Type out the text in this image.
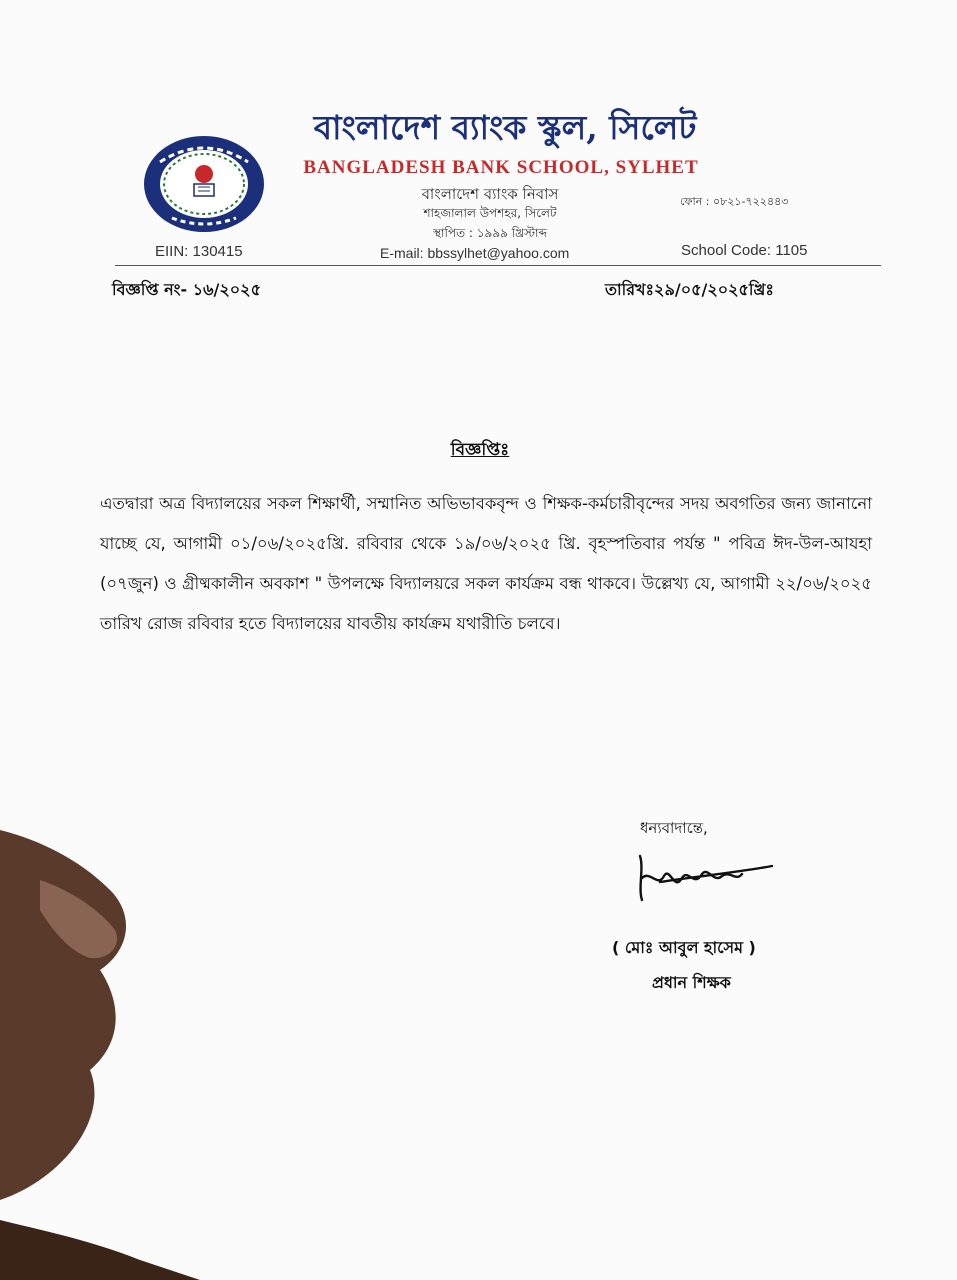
বাংলাদেশ ব্যাংক স্কুল, সিলেট
BANGLADESH BANK SCHOOL, SYLHET
বাংলাদেশ ব্যাংক নিবাস
শাহজালাল উপশহর, সিলেট
স্থাপিত : ১৯৯৯ খ্রিস্টাব্দ
E-mail: bbssylhet@yahoo.com
ফোন : ০৮২১-৭২২৪৪৩
EIIN: 130415	School Code: 1105
বিজ্ঞপ্তি নং- ১৬/২০২৫	তারিখঃ২৯/০৫/২০২৫খ্রিঃ
বিজ্ঞপ্তিঃ
এতদ্বারা অত্র বিদ্যালয়ের সকল শিক্ষার্থী, সম্মানিত অভিভাবকবৃন্দ ও শিক্ষক-কর্মচারীবৃন্দের সদয় অবগতির জন্য জানানো যাচ্ছে যে, আগামী ০১/০৬/২০২৫খ্রি. রবিবার থেকে ১৯/০৬/২০২৫ খ্রি. বৃহস্পতিবার পর্যন্ত " পবিত্র ঈদ-উল-আযহা (০৭জুন) ও গ্রীষ্মকালীন অবকাশ " উপলক্ষে বিদ্যালয়রে সকল কার্যক্রম বন্ধ থাকবে। উল্লেখ্য যে, আগামী ২২/০৬/২০২৫ তারিখ রোজ রবিবার হতে বিদ্যালয়ের যাবতীয় কার্যক্রম যথারীতি চলবে।
ধন্যবাদান্তে,
( মোঃ আবুল হাসেম )
প্রধান শিক্ষক
